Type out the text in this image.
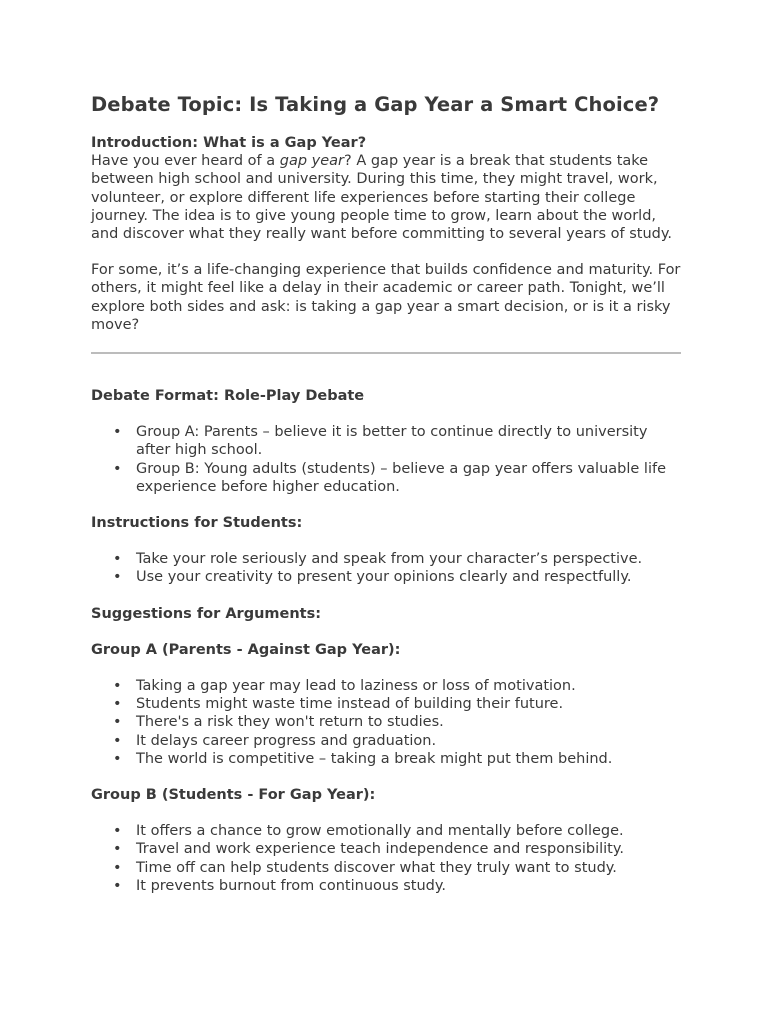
Debate Topic: Is Taking a Gap Year a Smart Choice?
Introduction: What is a Gap Year?

Have you ever heard of a gap year? A gap year is a break that students take between high school and university. During this time, they might travel, work, volunteer, or explore different life experiences before starting their college journey. The idea is to give young people time to grow, learn about the world, and discover what they really want before committing to several years of study.

For some, it’s a life-changing experience that builds confidence and maturity. For others, it might feel like a delay in their academic or career path. Tonight, we’ll explore both sides and ask: is taking a gap year a smart decision, or is it a risky move?

Debate Format: Role-Play Debate
• Group A: Parents – believe it is better to continue directly to university after high school.
• Group B: Young adults (students) – believe a gap year offers valuable life experience before higher education.
Instructions for Students:
• Take your role seriously and speak from your character’s perspective.
• Use your creativity to present your opinions clearly and respectfully.
Suggestions for Arguments:
Group A (Parents - Against Gap Year):
• Taking a gap year may lead to laziness or loss of motivation.
• Students might waste time instead of building their future.
• There's a risk they won't return to studies.
• It delays career progress and graduation.
• The world is competitive – taking a break might put them behind.
Group B (Students - For Gap Year):
• It offers a chance to grow emotionally and mentally before college.
• Travel and work experience teach independence and responsibility.
• Time off can help students discover what they truly want to study.
• It prevents burnout from continuous study.
